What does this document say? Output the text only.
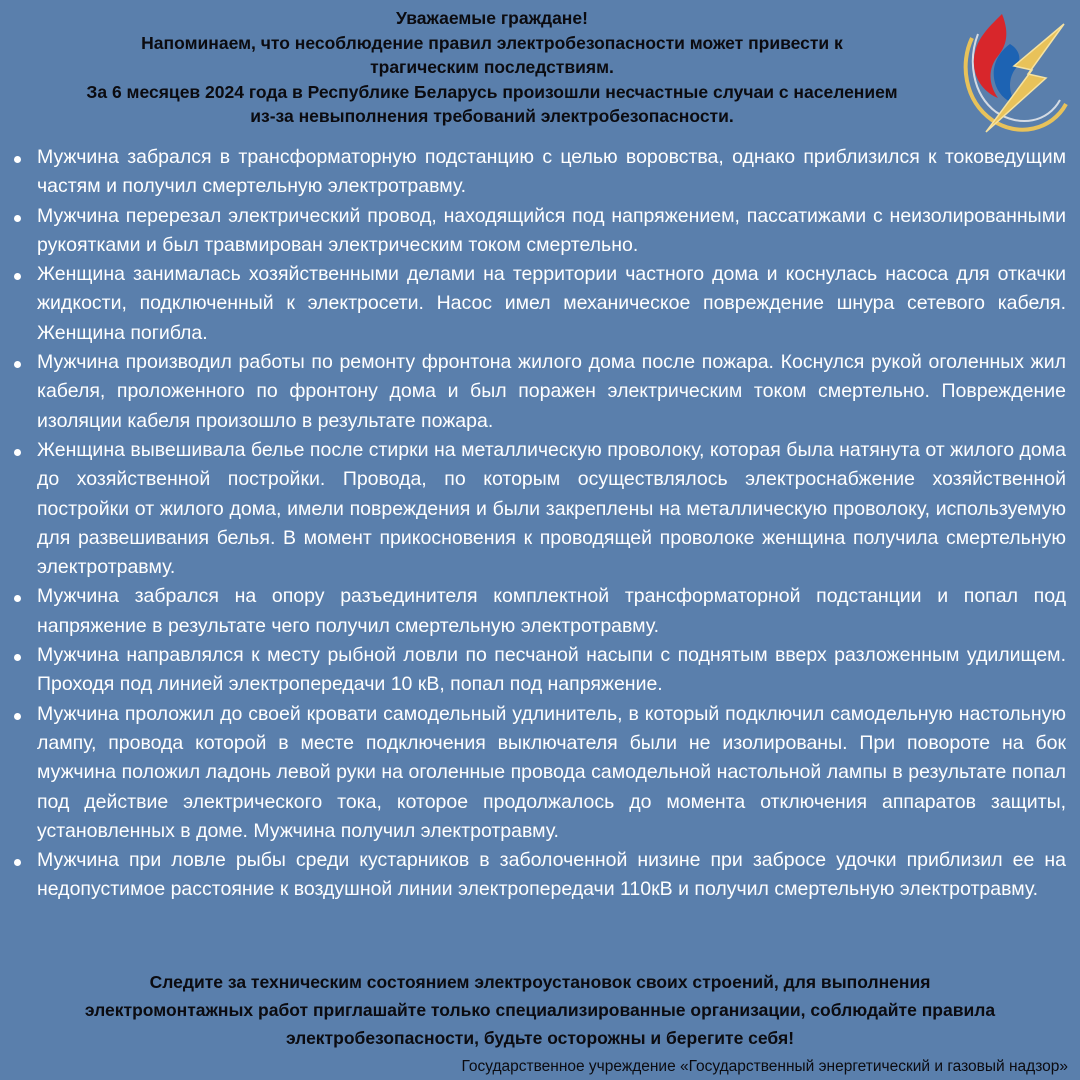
Уважаемые граждане!
Напоминаем, что несоблюдение правил электробезопасности может привести к
трагическим последствиям.
За 6 месяцев 2024 года в Республике Беларусь произошли несчастные случаи с населением
из-за невыполнения требований электробезопасности.
Мужчина забрался в трансформаторную подстанцию с целью воровства, однако приблизился к токоведущим частям и получил смертельную электротравму.
Мужчина перерезал электрический провод, находящийся под напряжением, пассатижами с неизолированными рукоятками и был травмирован электрическим током смертельно.
Женщина занималась хозяйственными делами на территории частного дома и коснулась насоса для откачки жидкости, подключенный к электросети. Насос имел механическое повреждение шнура сетевого кабеля. Женщина погибла.
Мужчина производил работы по ремонту фронтона жилого дома после пожара. Коснулся рукой оголенных жил кабеля, проложенного по фронтону дома и был поражен электрическим током смертельно. Повреждение изоляции кабеля произошло в результате пожара.
Женщина вывешивала белье после стирки на металлическую проволоку, которая была натянута от жилого дома до хозяйственной постройки. Провода, по которым осуществлялось электроснабжение хозяйственной постройки от жилого дома, имели повреждения и были закреплены на металлическую проволоку, используемую для развешивания белья. В момент прикосновения к проводящей проволоке женщина получила смертельную электротравму.
Мужчина забрался на опору разъединителя комплектной трансформаторной подстанции и попал под напряжение в результате чего получил смертельную электротравму.
Мужчина направлялся к месту рыбной ловли по песчаной насыпи с поднятым вверх разложенным удилищем. Проходя под линией электропередачи 10 кВ, попал под напряжение.
Мужчина проложил до своей кровати самодельный удлинитель, в который подключил самодельную настольную лампу, провода которой в месте подключения выключателя были не изолированы. При повороте на бок мужчина положил ладонь левой руки на оголенные провода самодельной настольной лампы в результате попал под действие электрического тока, которое продолжалось до момента отключения аппаратов защиты, установленных в доме. Мужчина получил электротравму.
Мужчина при ловле рыбы среди кустарников в заболоченной низине при забросе удочки приблизил ее на недопустимое расстояние к воздушной линии электропередачи 110кВ и получил смертельную электротравму.
Следите за техническим состоянием электроустановок своих строений, для выполнения
электромонтажных работ приглашайте только специализированные организации, соблюдайте правила
электробезопасности, будьте осторожны и берегите себя!
Государственное учреждение «Государственный энергетический и газовый надзор»
